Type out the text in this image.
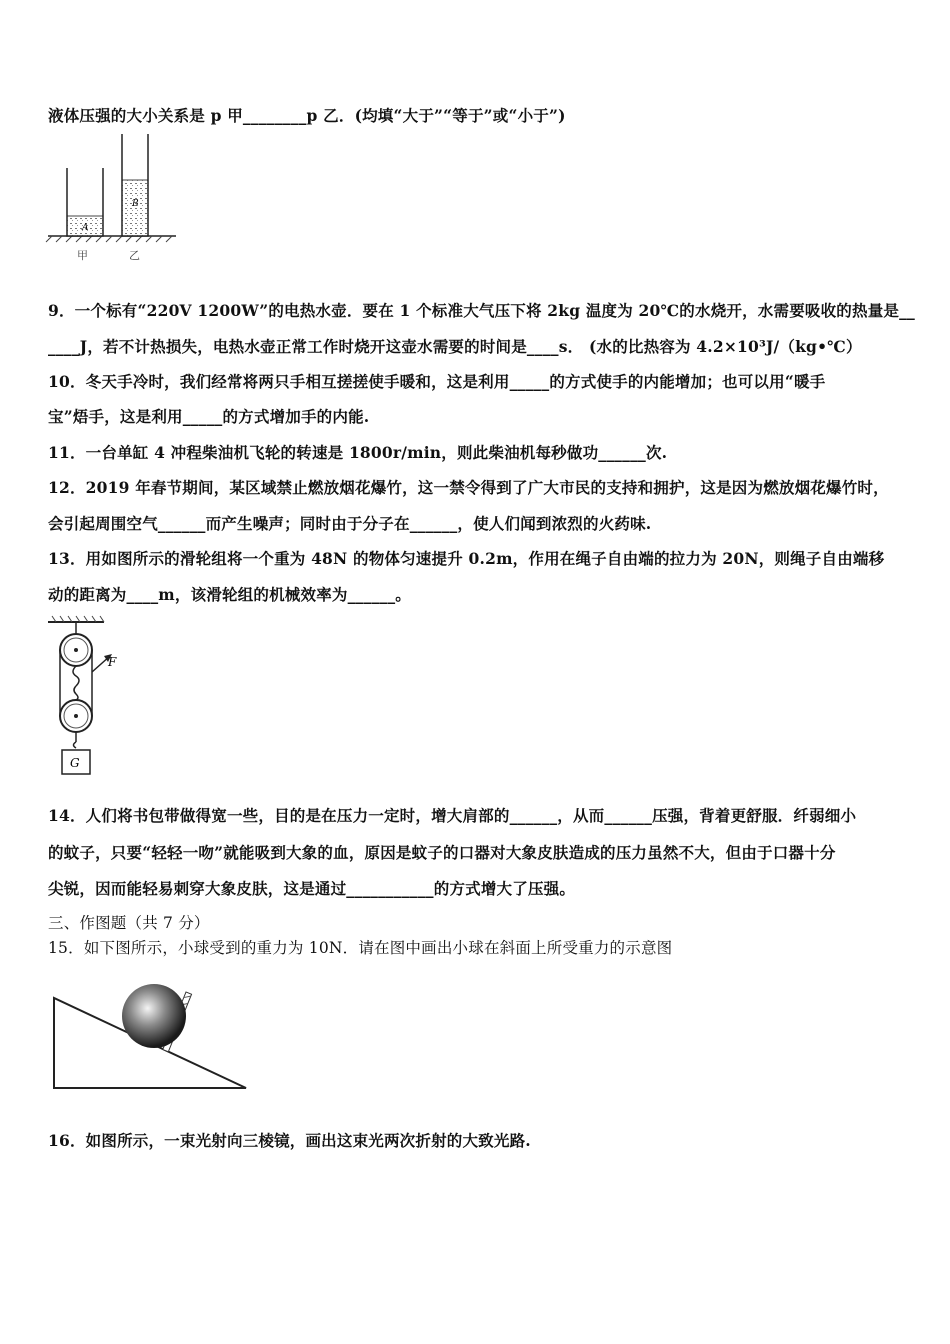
液体压强的大小关系是 p 甲________p 乙．(均填“大于”“等于”或“小于”)
A
B
甲	乙
9．一个标有“220V 1200W”的电热水壶．要在 1 个标准大气压下将 2kg 温度为 20℃的水烧开，水需要吸收的热量是__
____J，若不计热损失，电热水壶正常工作时烧开这壶水需要的时间是____s． (水的比热容为 4.2×10³J/（kg•℃）
10．冬天手冷时，我们经常将两只手相互搓搓使手暖和，这是利用_____的方式使手的内能增加；也可以用“暖手
宝”焐手，这是利用_____的方式增加手的内能.
11．一台单缸 4 冲程柴油机飞轮的转速是 1800r/min，则此柴油机每秒做功______次.
12．2019 年春节期间，某区域禁止燃放烟花爆竹，这一禁令得到了广大市民的支持和拥护，这是因为燃放烟花爆竹时，
会引起周围空气______而产生噪声；同时由于分子在______，使人们闻到浓烈的火药味.
13．用如图所示的滑轮组将一个重为 48N 的物体匀速提升 0.2m，作用在绳子自由端的拉力为 20N，则绳子自由端移
动的距离为____m，该滑轮组的机械效率为______。
F
G
14．人们将书包带做得宽一些，目的是在压力一定时，增大肩部的______，从而______压强，背着更舒服．纤弱细小
的蚊子，只要“轻轻一吻”就能吸到大象的血，原因是蚊子的口器对大象皮肤造成的压力虽然不大，但由于口器十分
尖锐，因而能轻易刺穿大象皮肤，这是通过___________的方式增大了压强。
三、作图题（共 7 分）
15．如下图所示，小球受到的重力为 10N．请在图中画出小球在斜面上所受重力的示意图
16．如图所示，一束光射向三棱镜，画出这束光两次折射的大致光路.
